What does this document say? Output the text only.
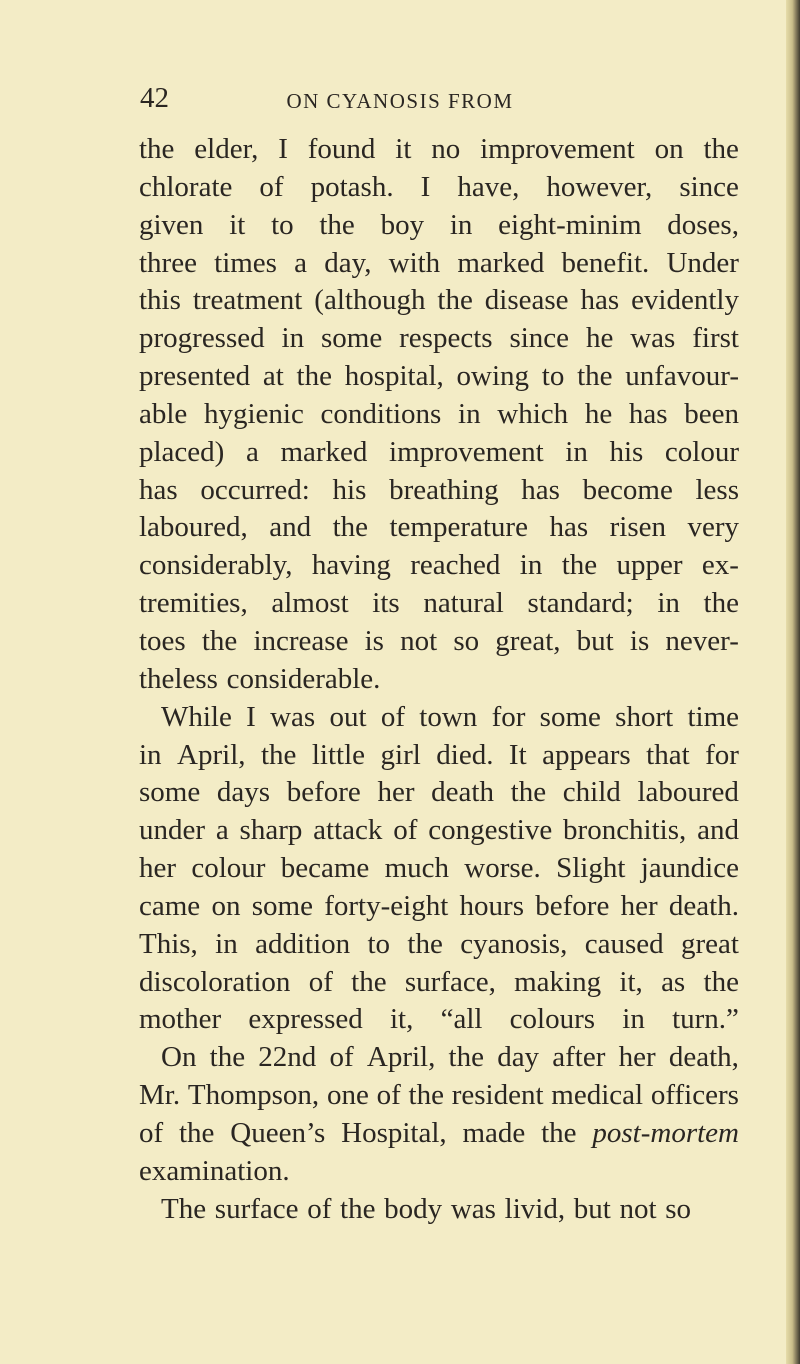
42	ON CYANOSIS FROM
the elder, I found it no improvement on the
chlorate of potash. I have, however, since
given it to the boy in eight-minim doses,
three times a day, with marked benefit. Under
this treatment (although the disease has evidently
progressed in some respects since he was first
presented at the hospital, owing to the unfavour-
able hygienic conditions in which he has been
placed) a marked improvement in his colour
has occurred: his breathing has become less
laboured, and the temperature has risen very
considerably, having reached in the upper ex-
tremities, almost its natural standard; in the
toes the increase is not so great, but is never-
theless considerable.
While I was out of town for some short time
in April, the little girl died. It appears that for
some days before her death the child laboured
under a sharp attack of congestive bronchitis, and
her colour became much worse. Slight jaundice
came on some forty-eight hours before her death.
This, in addition to the cyanosis, caused great
discoloration of the surface, making it, as the
mother expressed it, “all colours in turn.”
On the 22nd of April, the day after her death,
Mr. Thompson, one of the resident medical officers
of the Queen’s Hospital, made the post-mortem
examination.
The surface of the body was livid, but not so
